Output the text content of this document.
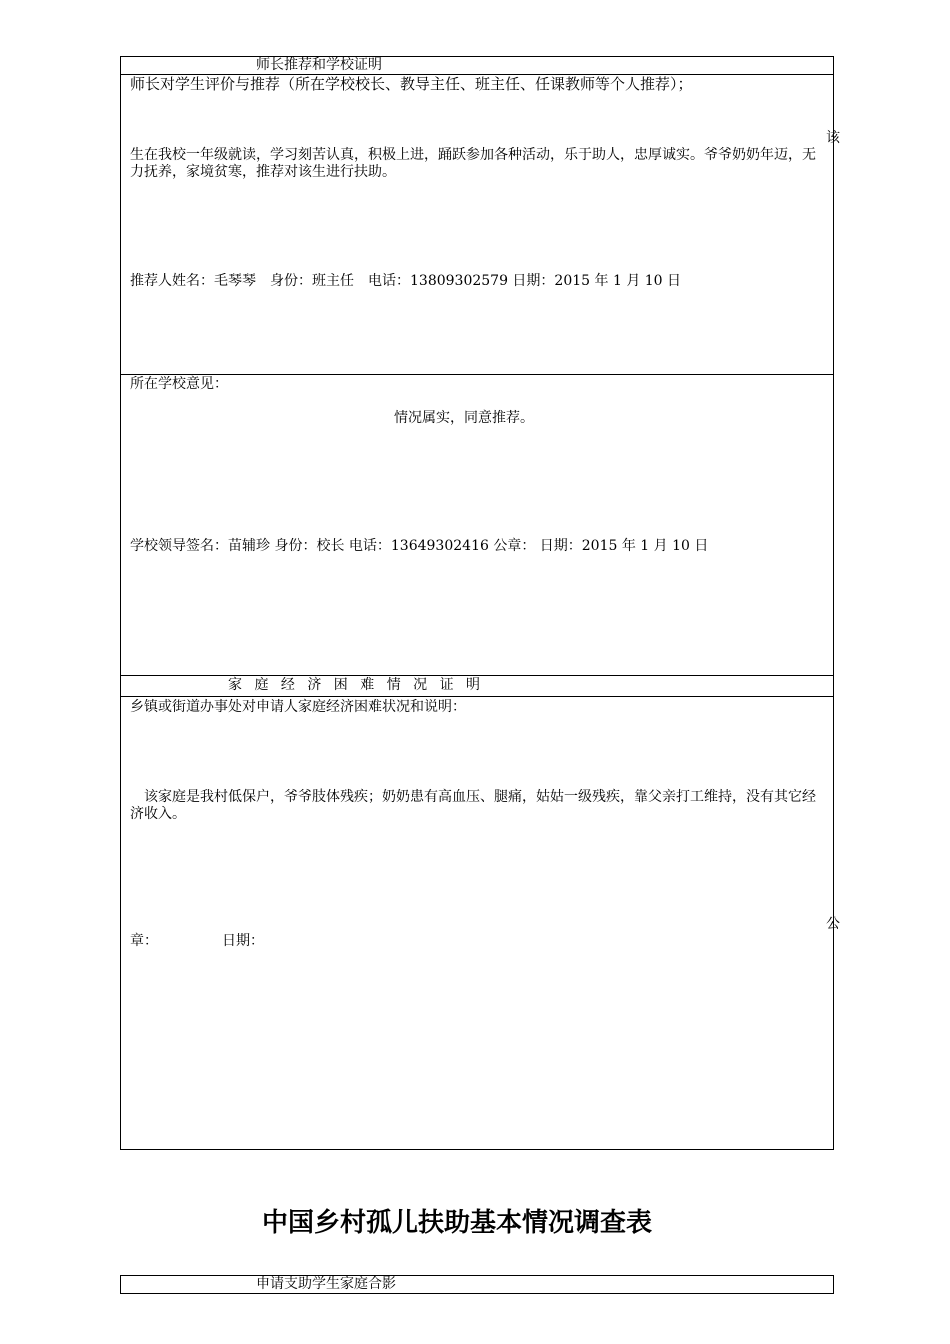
师长推荐和学校证明
师长对学生评价与推荐（所在学校校长、教导主任、班主任、任课教师等个人推荐）；
该
生在我校一年级就读，学习刻苦认真，积极上进，踊跃参加各种活动，乐于助人，忠厚诚实。爷爷奶奶年迈，无力抚养，家境贫寒，推荐对该生进行扶助。
推荐人姓名：毛琴琴　身份：班主任　电话：13809302579 日期：2015 年 1 月 10 日
所在学校意见：
情况属实，同意推荐。
学校领导签名：苗辅珍 身份：校长 电话：13649302416 公章： 日期：2015 年 1 月 10 日
家 庭 经 济 困 难 情 况 证 明
乡镇或街道办事处对申请人家庭经济困难状况和说明：
　该家庭是我村低保户，爷爷肢体残疾；奶奶患有高血压、腿痛，姑姑一级残疾，靠父亲打工维持，没有其它经济收入。
公
章：	日期：
中国乡村孤儿扶助基本情况调查表
申请支助学生家庭合影
